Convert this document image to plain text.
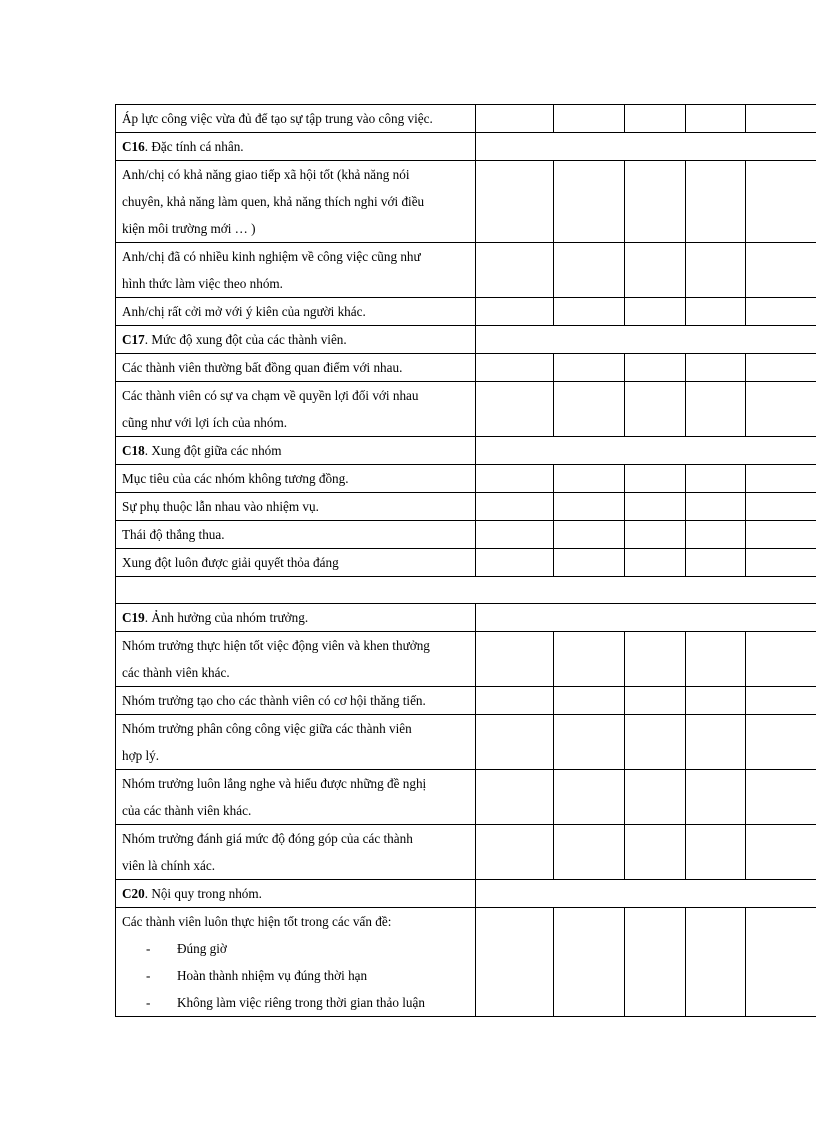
Áp lực công việc vừa đủ để tạo sự tập trung vào công việc.					
C16. Đặc tính cá nhân.					

Anh/chị có khả năng giao tiếp xã hội tốt (khả năng nói
chuyên, khả năng làm quen, khả năng thích nghi với điều
kiện môi trường mới … )					

Anh/chị đã có nhiều kinh nghiệm về công việc cũng như
hình thức làm việc theo nhóm.					

Anh/chị rất cởi mở với ý kiên của người khác.					

C17. Mức độ xung đột của các thành viên.					

Các thành viên thường bất đồng quan điểm với nhau.					

Các thành viên có sự va chạm về quyền lợi đối với nhau
cũng như với lợi ích của nhóm.					

C18. Xung đột giữa các nhóm					

Mục tiêu của các nhóm không tương đồng.					

Sự phụ thuộc lẫn nhau vào nhiệm vụ.					

Thái độ thắng thua.					

Xung đột luôn được giải quyết thỏa đáng					

C19. Ảnh hưởng của nhóm trưởng.					

Nhóm trưởng thực hiện tốt việc động viên và khen thưởng
các thành viên khác.					

Nhóm trưởng tạo cho các thành viên có cơ hội thăng tiến.					

Nhóm trưởng phân công công việc giữa các thành viên
hợp lý.					

Nhóm trưởng luôn lắng nghe và hiểu được những đề nghị
của các thành viên khác.					

Nhóm trưởng đánh giá mức độ đóng góp của các thành
viên là chính xác.					

C20. Nội quy trong nhóm.					

Các thành viên luôn thực hiện tốt trong các vấn đề:
- Đúng giờ
- Hoàn thành nhiệm vụ đúng thời hạn
- Không làm việc riêng trong thời gian thảo luận					
